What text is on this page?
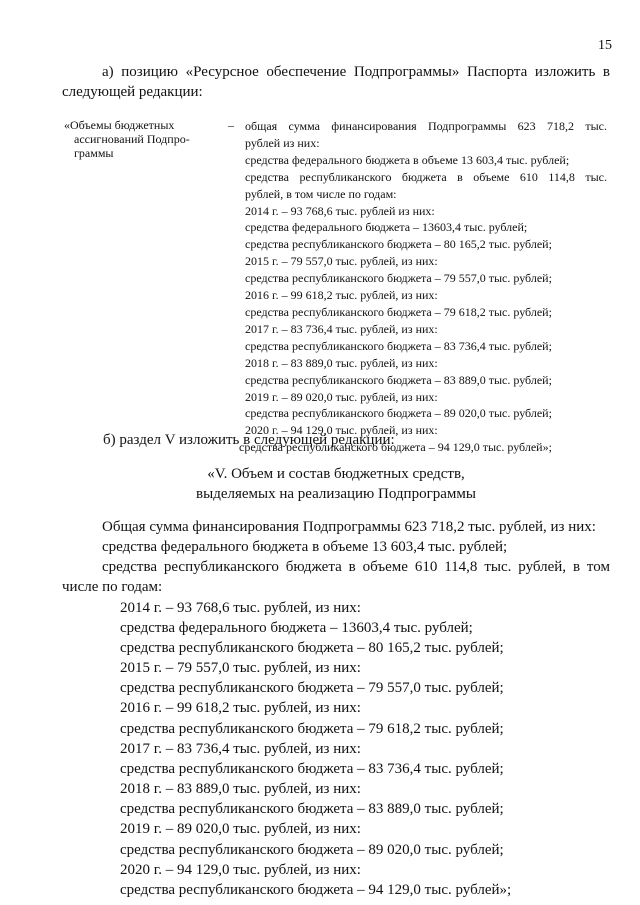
15
а) позицию «Ресурсное обеспечение Подпрограммы» Паспорта изложить в
следующей редакции:
«Объемы бюджетных
ассигнований Подпро-
граммы
– общая сумма финансирования Подпрограммы 623 718,2 тыс.
рублей из них:
средства федерального бюджета в объеме 13 603,4 тыс. рублей;
средства республиканского бюджета в объеме 610 114,8 тыс.
рублей, в том числе по годам:
2014 г. – 93 768,6 тыс. рублей из них:
средства федерального бюджета – 13603,4 тыс. рублей;
средства республиканского бюджета – 80 165,2 тыс. рублей;
2015 г. – 79 557,0 тыс. рублей, из них:
средства республиканского бюджета – 79 557,0 тыс. рублей;
2016 г. – 99 618,2 тыс. рублей, из них:
средства республиканского бюджета – 79 618,2 тыс. рублей;
2017 г. – 83 736,4 тыс. рублей, из них:
средства республиканского бюджета – 83 736,4 тыс. рублей;
2018 г. – 83 889,0 тыс. рублей, из них:
средства республиканского бюджета – 83 889,0 тыс. рублей;
2019 г. – 89 020,0 тыс. рублей, из них:
средства республиканского бюджета – 89 020,0 тыс. рублей;
2020 г. – 94 129,0 тыс. рублей, из них:
средства республиканского бюджета – 94 129,0 тыс. рублей»;
б) раздел V изложить в следующей редакции:
«V. Объем и состав бюджетных средств,
выделяемых на реализацию Подпрограммы
Общая сумма финансирования Подпрограммы 623 718,2 тыс. рублей, из них:
средства федерального бюджета в объеме 13 603,4 тыс. рублей;
средства республиканского бюджета в объеме 610 114,8 тыс. рублей, в том
числе по годам:
2014 г. – 93 768,6 тыс. рублей, из них:
средства федерального бюджета – 13603,4 тыс. рублей;
средства республиканского бюджета – 80 165,2 тыс. рублей;
2015 г. – 79 557,0 тыс. рублей, из них:
средства республиканского бюджета – 79 557,0 тыс. рублей;
2016 г. – 99 618,2 тыс. рублей, из них:
средства республиканского бюджета – 79 618,2 тыс. рублей;
2017 г. – 83 736,4 тыс. рублей, из них:
средства республиканского бюджета – 83 736,4 тыс. рублей;
2018 г. – 83 889,0 тыс. рублей, из них:
средства республиканского бюджета – 83 889,0 тыс. рублей;
2019 г. – 89 020,0 тыс. рублей, из них:
средства республиканского бюджета – 89 020,0 тыс. рублей;
2020 г. – 94 129,0 тыс. рублей, из них:
средства республиканского бюджета – 94 129,0 тыс. рублей»;
